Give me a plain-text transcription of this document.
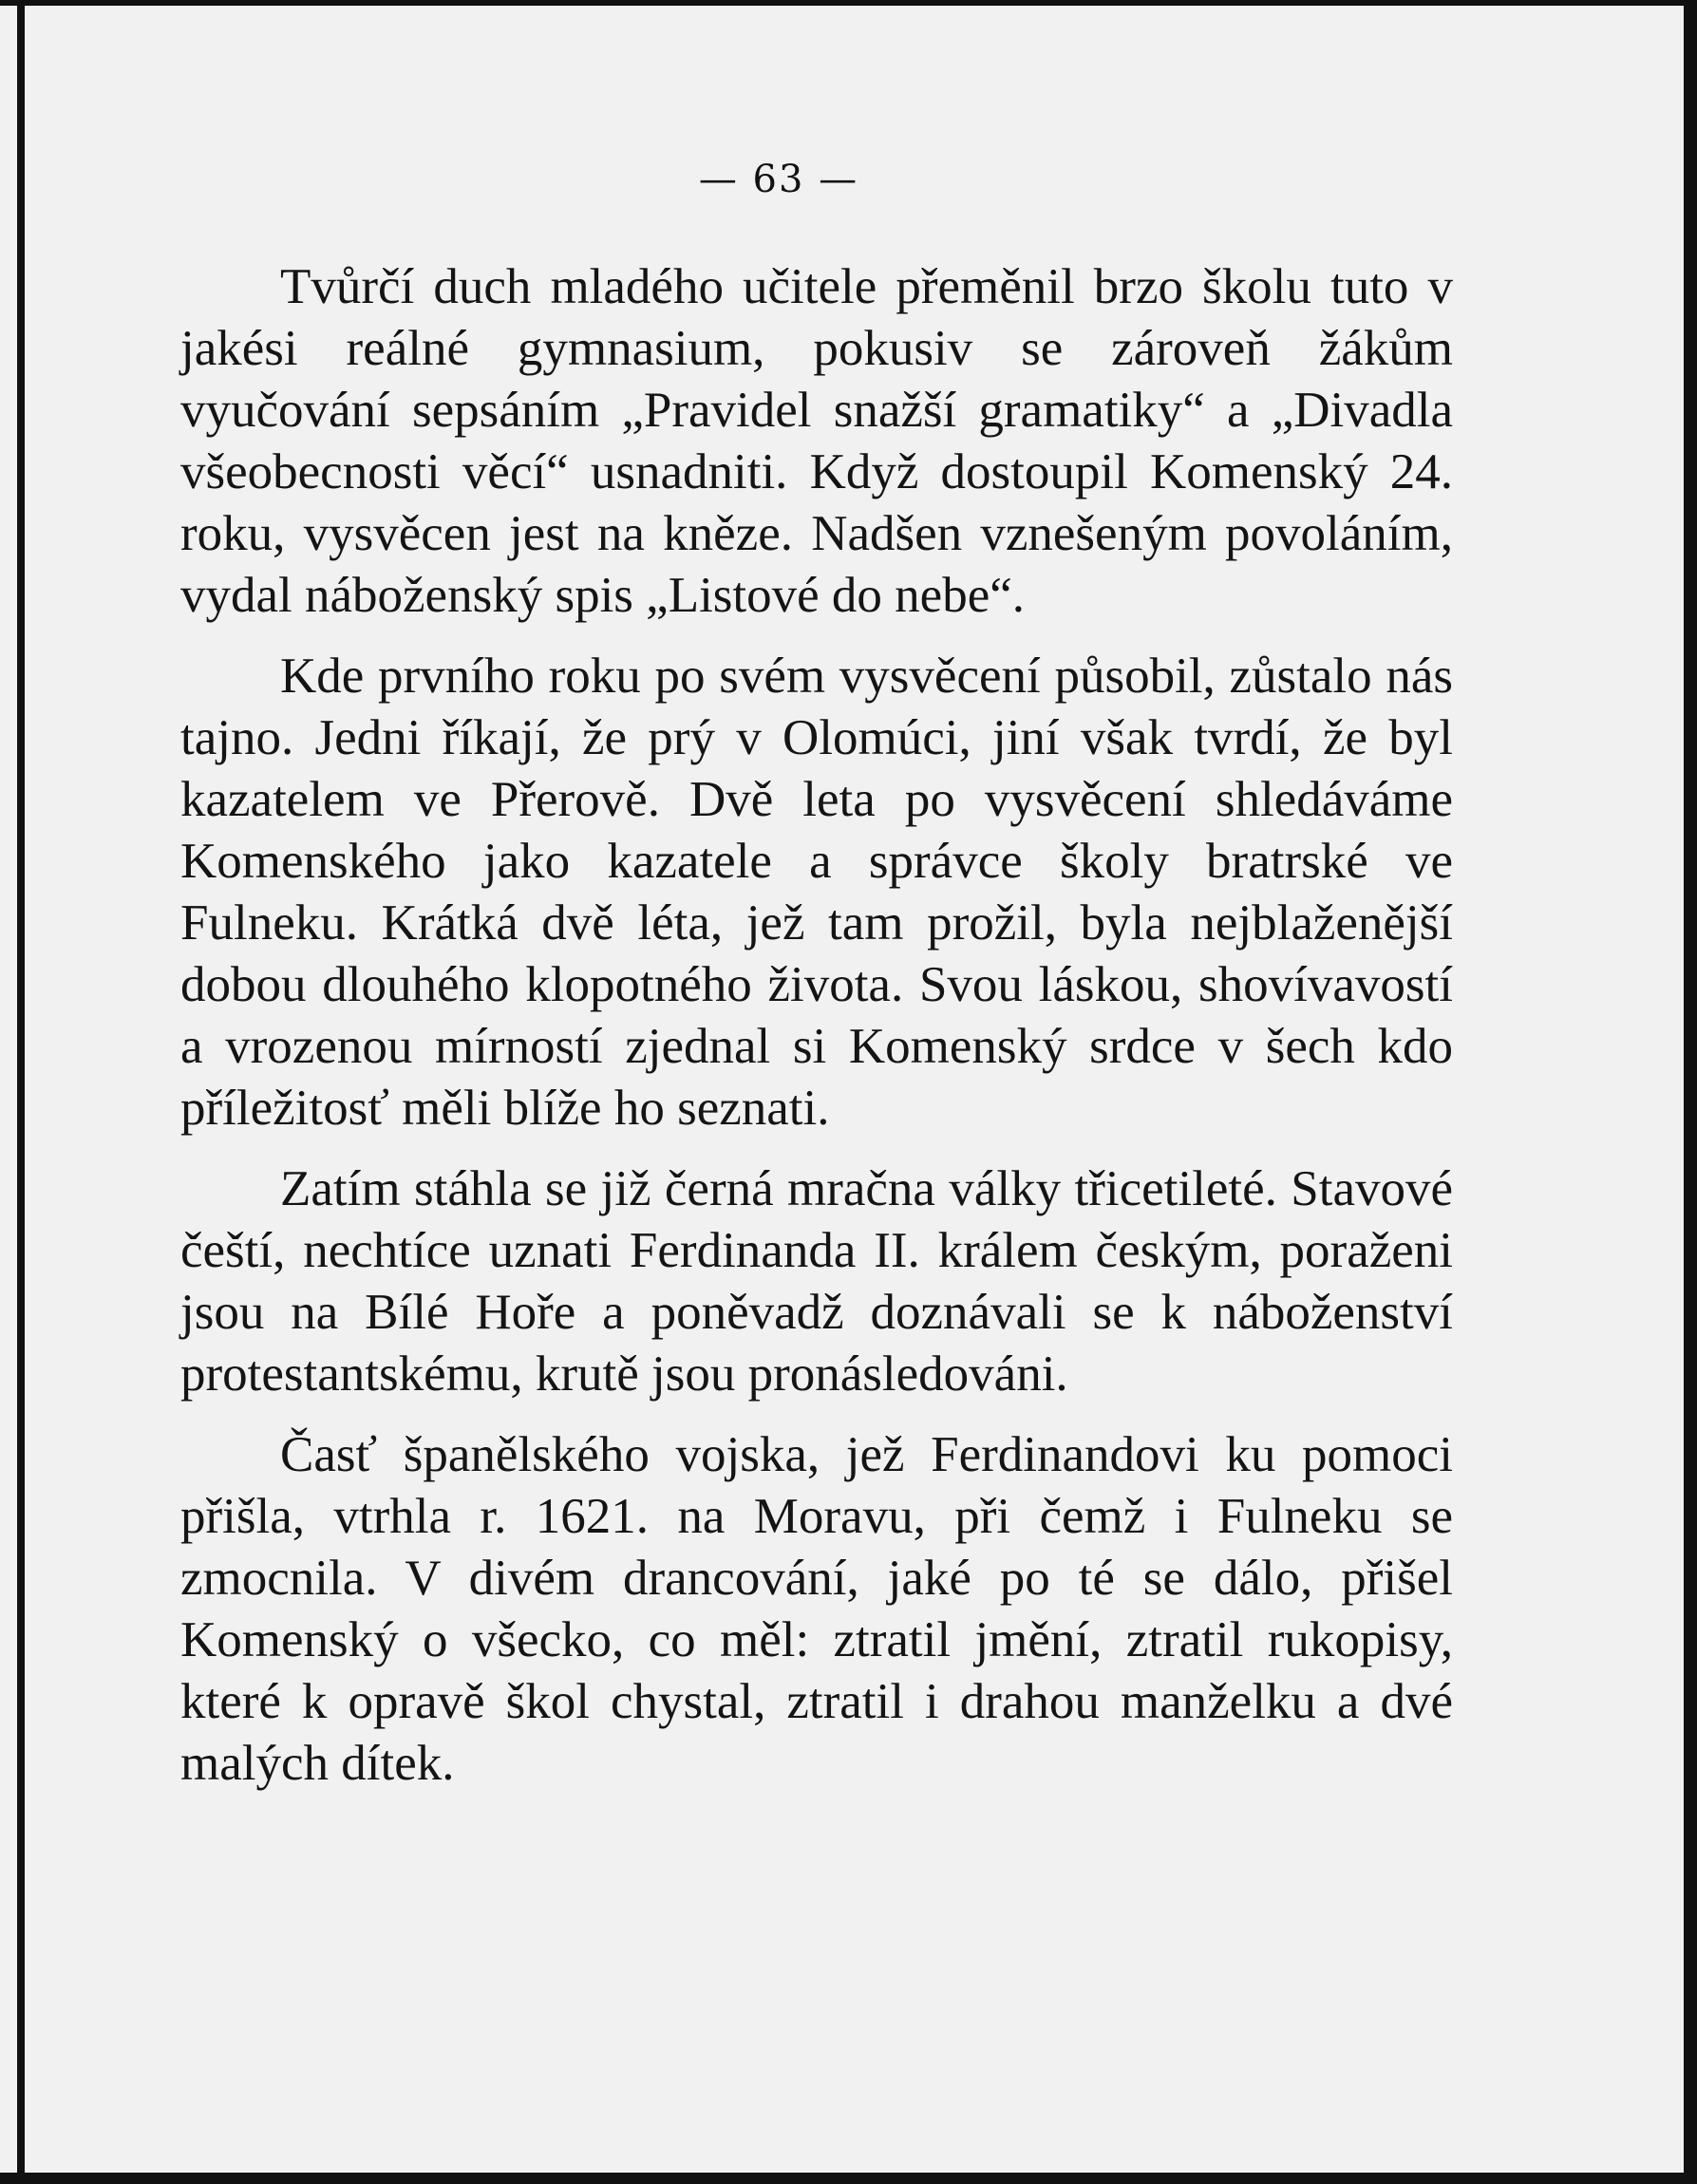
— 63 —

Tvůrčí duch mladého učitele přeměnil brzo školu tuto v jakési reálné gymnasium, pokusiv se zároveň žákům vyučování sepsáním „Pravidel snažší gramatiky“ a „Divadla všeobecnosti věcí“ usnadniti. Když dostoupil Komenský 24. roku, vysvěcen jest na kněze. Nadšen vznešeným povoláním, vydal náboženský spis „Listové do nebe“.

Kde prvního roku po svém vysvěcení působil, zůstalo nás tajno. Jedni říkají, že prý v Olomúci, jiní však tvrdí, že byl kazatelem ve Přerově. Dvě leta po vysvěcení shledáváme Komenského jako kazatele a správce školy bratrské ve Fulneku. Krátká dvě léta, jež tam prožil, byla nejblaženější dobou dlouhého klopotného života. Svou láskou, shovívavostí a vrozenou mírností zjednal si Komenský srdce v šech kdo příležitosť měli blíže ho seznati.

Zatím stáhla se již černá mračna války třicetileté. Stavové čeští, nechtíce uznati Ferdinanda II. králem českým, poraženi jsou na Bílé Hoře a poněvadž doznávali se k náboženství protestantskému, krutě jsou pronásledováni.

Časť španělského vojska, jež Ferdinandovi ku pomoci přišla, vtrhla r. 1621. na Moravu, při čemž i Fulneku se zmocnila. V divém drancování, jaké po té se dálo, přišel Komenský o všecko, co měl: ztratil jmění, ztratil rukopisy, které k opravě škol chystal, ztratil i drahou manželku a dvé malých dítek.
